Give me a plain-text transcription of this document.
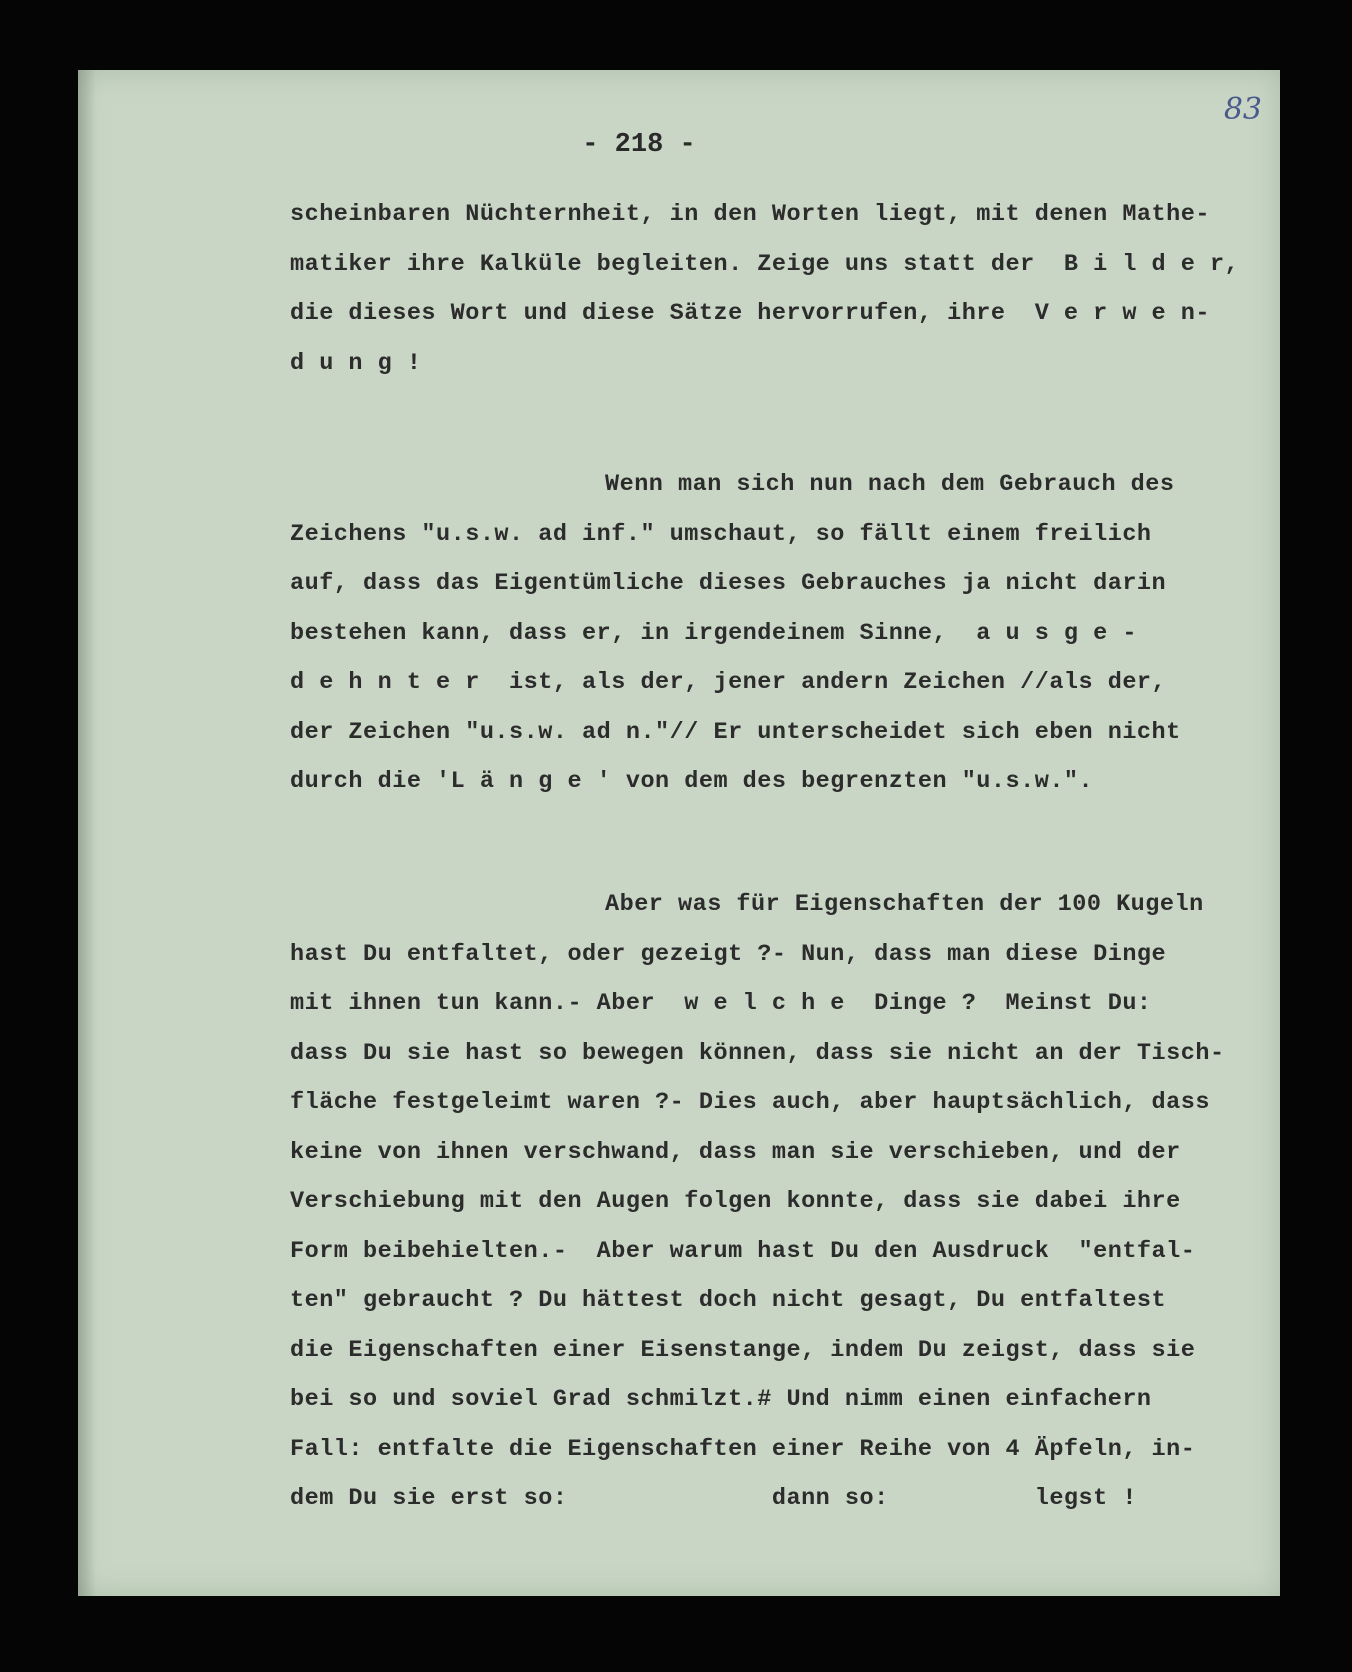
83
- 218 -
scheinbaren Nüchternheit, in den Worten liegt, mit denen Mathe-
matiker ihre Kalküle begleiten. Zeige uns statt der  B i l d e r,
die dieses Wort und diese Sätze hervorrufen, ihre  V e r w e n-
d u n g !
Wenn man sich nun nach dem Gebrauch des
Zeichens "u.s.w. ad inf." umschaut, so fällt einem freilich
auf, dass das Eigentümliche dieses Gebrauches ja nicht darin
bestehen kann, dass er, in irgendeinem Sinne,  a u s g e -
d e h n t e r  ist, als der, jener andern Zeichen //als der,
der Zeichen "u.s.w. ad n."// Er unterscheidet sich eben nicht
durch die 'L ä n g e ' von dem des begrenzten "u.s.w.".
Aber was für Eigenschaften der 100 Kugeln
hast Du entfaltet, oder gezeigt ?- Nun, dass man diese Dinge
mit ihnen tun kann.- Aber  w e l c h e  Dinge ?  Meinst Du:
dass Du sie hast so bewegen können, dass sie nicht an der Tisch-
fläche festgeleimt waren ?- Dies auch, aber hauptsächlich, dass
keine von ihnen verschwand, dass man sie verschieben, und der
Verschiebung mit den Augen folgen konnte, dass sie dabei ihre
Form beibehielten.-  Aber warum hast Du den Ausdruck  "entfal-
ten" gebraucht ? Du hättest doch nicht gesagt, Du entfaltest
die Eigenschaften einer Eisenstange, indem Du zeigst, dass sie
bei so und soviel Grad schmilzt.# Und nimm einen einfachern
Fall: entfalte die Eigenschaften einer Reihe von 4 Äpfeln, in-
dem Du sie erst so:              dann so:          legst !
